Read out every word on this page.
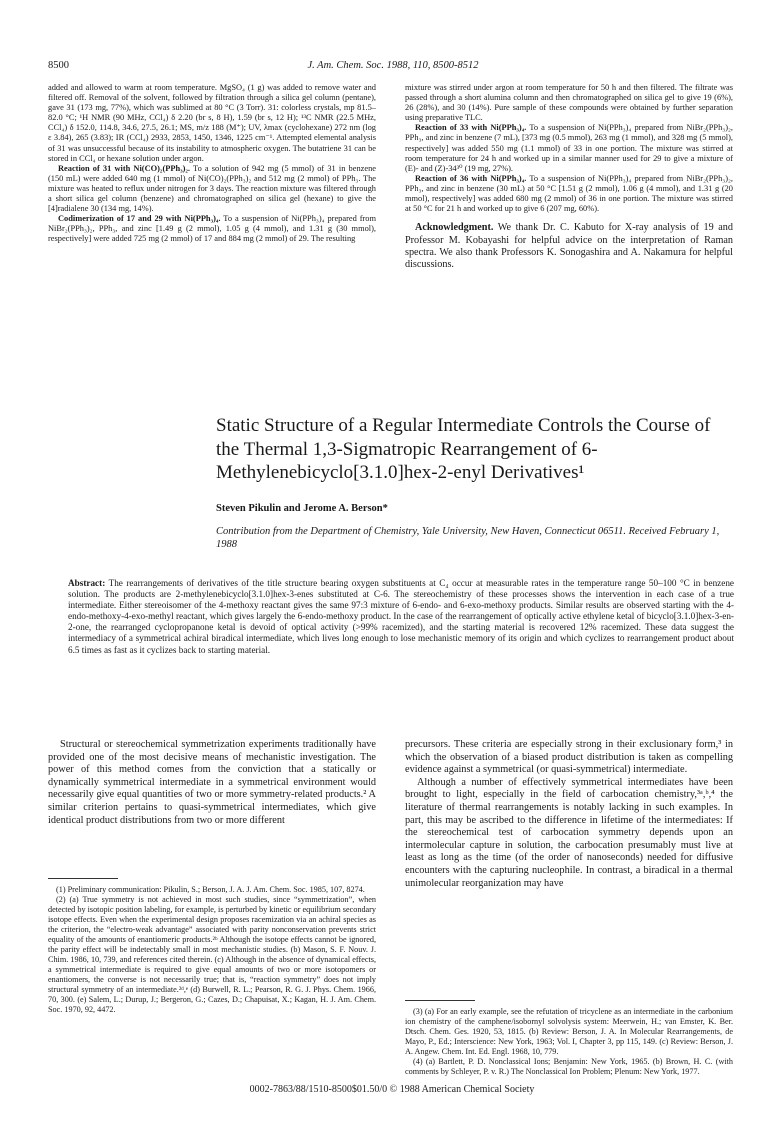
8500	J. Am. Chem. Soc. 1988, 110, 8500-8512

added and allowed to warm at room temperature. MgSO₄ (1 g) was added to remove water and filtered off. Removal of the solvent, followed by filtration through a silica gel column (pentane), gave 31 (173 mg, 77%), which was sublimed at 80 °C (3 Torr). 31: colorless crystals, mp 81.5–82.0 °C; ¹H NMR (90 MHz, CCl₄) δ 2.20 (br s, 8 H), 1.59 (br s, 12 H); ¹³C NMR (22.5 MHz, CCl₄) δ 152.0, 114.8, 34.6, 27.5, 26.1; MS, m/z 188 (M⁺); UV, λmax (cyclohexane) 272 nm (log ε 3.84), 265 (3.83); IR (CCl₄) 2933, 2853, 1450, 1346, 1225 cm⁻¹. Attempted elemental analysis of 31 was unsuccessful because of its instability to atmospheric oxygen. The butatriene 31 can be stored in CCl₄ or hexane solution under argon.

Reaction of 31 with Ni(CO)₂(PPh₃)₂. To a solution of 942 mg (5 mmol) of 31 in benzene (150 mL) were added 640 mg (1 mmol) of Ni(CO)₂(PPh₃)₂ and 512 mg (2 mmol) of PPh₃. The mixture was heated to reflux under nitrogen for 3 days. The reaction mixture was filtered through a short silica gel column (benzene) and chromatographed on silica gel (hexane) to give the [4]radialene 30 (134 mg, 14%).

Codimerization of 17 and 29 with Ni(PPh₃)₄. To a suspension of Ni(PPh₃)₄ prepared from NiBr₂(PPh₃)₂, PPh₃, and zinc [1.49 g (2 mmol), 1.05 g (4 mmol), and 1.31 g (30 mmol), respectively] were added 725 mg (2 mmol) of 17 and 884 mg (2 mmol) of 29. The resulting

mixture was stirred under argon at room temperature for 50 h and then filtered. The filtrate was passed through a short alumina column and then chromatographed on silica gel to give 19 (6%), 26 (28%), and 30 (14%). Pure sample of these compounds were obtained by further separation using preparative TLC.

Reaction of 33 with Ni(PPh₃)₄. To a suspension of Ni(PPh₃)₄ prepared from NiBr₂(PPh₃)₂, PPh₃, and zinc in benzene (7 mL), [373 mg (0.5 mmol), 263 mg (1 mmol), and 328 mg (5 mmol), respectively] was added 550 mg (1.1 mmol) of 33 in one portion. The mixture was stirred at room temperature for 24 h and worked up in a similar manner used for 29 to give a mixture of (E)- and (Z)-34³⁰ (19 mg, 27%).

Reaction of 36 with Ni(PPh₃)₄. To a suspension of Ni(PPh₃)₄ prepared from NiBr₂(PPh₃)₂, PPh₃, and zinc in benzene (30 mL) at 50 °C [1.51 g (2 mmol), 1.06 g (4 mmol), and 1.31 g (20 mmol), respectively] was added 680 mg (2 mmol) of 36 in one portion. The mixture was stirred at 50 °C for 21 h and worked up to give 6 (207 mg, 60%).

Acknowledgment. We thank Dr. C. Kabuto for X-ray analysis of 19 and Professor M. Kobayashi for helpful advice on the interpretation of Raman spectra. We also thank Professors K. Sonogashira and A. Nakamura for helpful discussions.

Static Structure of a Regular Intermediate Controls the Course of the Thermal 1,3-Sigmatropic Rearrangement of 6-Methylenebicyclo[3.1.0]hex-2-enyl Derivatives¹
Steven Pikulin and Jerome A. Berson*
Contribution from the Department of Chemistry, Yale University, New Haven, Connecticut 06511. Received February 1, 1988
Abstract: The rearrangements of derivatives of the title structure bearing oxygen substituents at C₄ occur at measurable rates in the temperature range 50–100 °C in benzene solution. The products are 2-methylenebicyclo[3.1.0]hex-3-enes substituted at C-6. The stereochemistry of these processes shows the intervention in each case of a true intermediate. Either stereoisomer of the 4-methoxy reactant gives the same 97:3 mixture of 6-endo- and 6-exo-methoxy products. Similar results are observed starting with the 4-endo-methoxy-4-exo-methyl reactant, which gives largely the 6-endo-methoxy product. In the case of the rearrangement of optically active ethylene ketal of bicyclo[3.1.0]hex-3-en-2-one, the rearranged cyclopropanone ketal is devoid of optical activity (>99% racemized), and the starting material is recovered 12% racemized. These data suggest the intermediacy of a symmetrical achiral biradical intermediate, which lives long enough to lose mechanistic memory of its origin and which cyclizes to rearrangement product about 6.5 times as fast as it cyclizes back to starting material.

Structural or stereochemical symmetrization experiments traditionally have provided one of the most decisive means of mechanistic investigation. The power of this method comes from the conviction that a statically or dynamically symmetrical intermediate in a symmetrical environment would necessarily give equal quantities of two or more symmetry-related products.² A similar criterion pertains to quasi-symmetrical intermediates, which give identical product distributions from two or more different

precursors. These criteria are especially strong in their exclusionary form,³ in which the observation of a biased product distribution is taken as compelling evidence against a symmetrical (or quasi-symmetrical) intermediate.

Although a number of effectively symmetrical intermediates have been brought to light, especially in the field of carbocation chemistry,³ᵃ,ᵇ,⁴ the literature of thermal rearrangements is notably lacking in such examples. In part, this may be ascribed to the difference in lifetime of the intermediates: If the stereochemical test of carbocation symmetry depends upon an intermolecular capture in solution, the carbocation presumably must live at least as long as the time (of the order of nanoseconds) needed for diffusive encounters with the capturing nucleophile. In contrast, a biradical in a thermal unimolecular reorganization may have

(1) Preliminary communication: Pikulin, S.; Berson, J. A. J. Am. Chem. Soc. 1985, 107, 8274.

(2) (a) True symmetry is not achieved in most such studies, since “symmetrization”, when detected by isotopic position labeling, for example, is perturbed by kinetic or equilibrium secondary isotope effects. Even when the experimental design proposes racemization via an achiral species as the criterion, the “electro-weak advantage” associated with parity nonconservation prevents strict equality of the amounts of enantiomeric products.²ᵇ Although the isotope effects cannot be ignored, the parity effect will be indetectably small in most mechanistic studies. (b) Mason, S. F. Nouv. J. Chim. 1986, 10, 739, and references cited therein. (c) Although in the absence of dynamical effects, a symmetrical intermediate is required to give equal amounts of two or more isotopomers or enantiomers, the converse is not necessarily true; that is, “reaction symmetry” does not imply structural symmetry of an intermediate.²ᵈ,ᵉ (d) Burwell, R. L.; Pearson, R. G. J. Phys. Chem. 1966, 70, 300. (e) Salem, L.; Durup, J.; Bergeron, G.; Cazes, D.; Chapuisat, X.; Kagan, H. J. Am. Chem. Soc. 1970, 92, 4472.	(3) (a) For an early example, see the refutation of tricyclene as an intermediate in the carbonium ion chemistry of the camphene/isobornyl solvolysis system: Meerwein, H.; van Emster, K. Ber. Dtsch. Chem. Ges. 1920, 53, 1815. (b) Review: Berson, J. A. In Molecular Rearrangements, de Mayo, P., Ed.; Interscience: New York, 1963; Vol. I, Chapter 3, pp 115, 149. (c) Review: Berson, J. A. Angew. Chem. Int. Ed. Engl. 1968, 10, 779.

(4) (a) Bartlett, P. D. Nonclassical Ions; Benjamin: New York, 1965. (b) Brown, H. C. (with comments by Schleyer, P. v. R.) The Nonclassical Ion Problem; Plenum: New York, 1977.

0002-7863/88/1510-8500$01.50/0 © 1988 American Chemical Society
